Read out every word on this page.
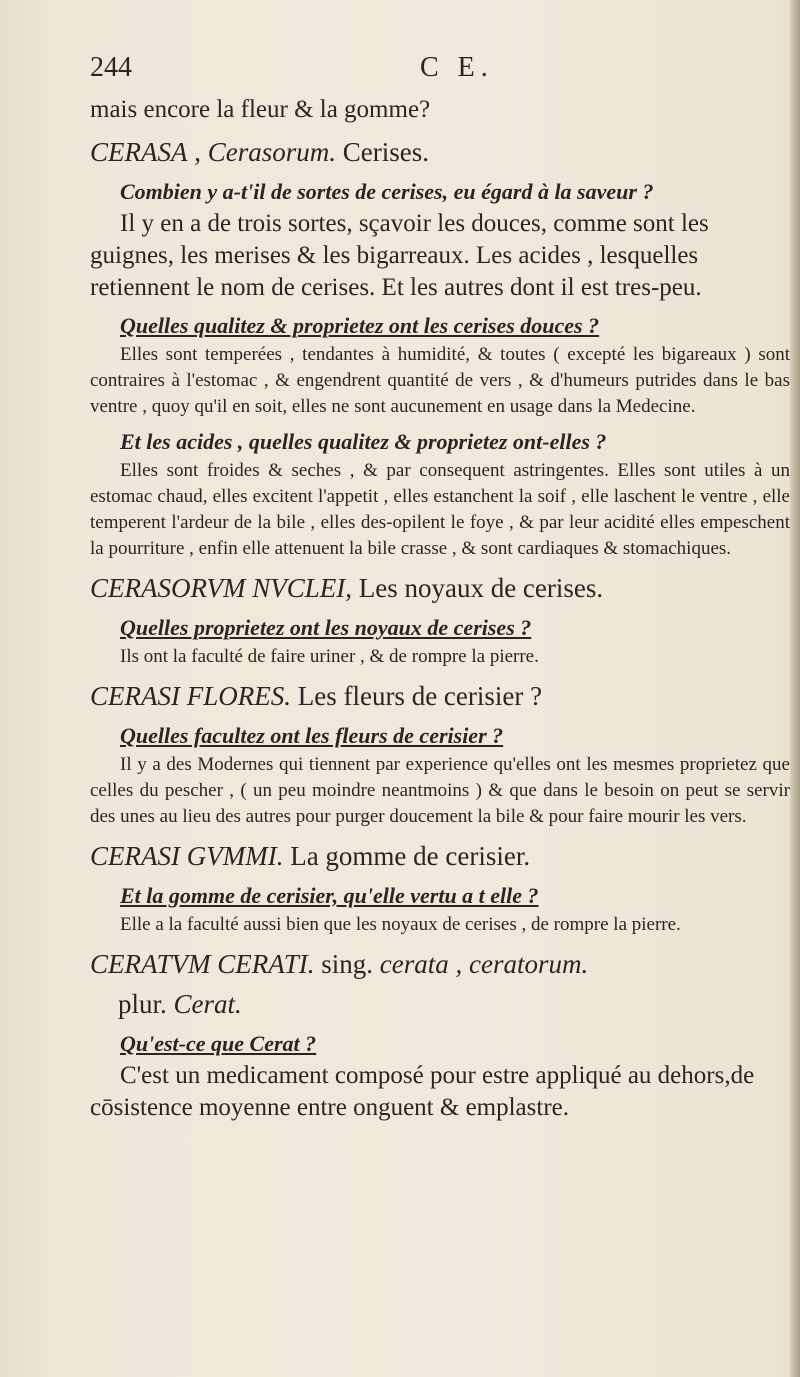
244	C E.

mais encore la fleur & la gomme?

CERASA , Cerasorum. Cerises.

Combien y a-t'il de sortes de cerises, eu égard à la saveur ?

Il y en a de trois sortes, sçavoir les douces, comme sont les guignes, les merises & les bigarreaux. Les acides , lesquelles retiennent le nom de cerises. Et les autres dont il est tres-peu.

Quelles qualitez & proprietez ont les cerises douces ?

Elles sont temperées , tendantes à humidité, & toutes ( excepté les bigareaux ) sont contraires à l'estomac , & engendrent quantité de vers , & d'humeurs putrides dans le bas ventre , quoy qu'il en soit, elles ne sont aucunement en usage dans la Medecine.

Et les acides , quelles qualitez & proprietez ont-elles ?

Elles sont froides & seches , & par consequent astringentes. Elles sont utiles à un estomac chaud, elles excitent l'appetit , elles estanchent la soif , elle laschent le ventre , elle temperent l'ardeur de la bile , elles des-opilent le foye , & par leur acidité elles empeschent la pourriture , enfin elle attenuent la bile crasse , & sont cardiaques & stomachiques.

CERASORVM NVCLEI, Les noyaux de cerises.

Quelles proprietez ont les noyaux de cerises ?

Ils ont la faculté de faire uriner , & de rompre la pierre.

CERASI FLORES. Les fleurs de cerisier ?

Quelles facultez ont les fleurs de cerisier ?

Il y a des Modernes qui tiennent par experience qu'elles ont les mesmes proprietez que celles du pescher , ( un peu moindre neantmoins ) & que dans le besoin on peut se servir des unes au lieu des autres pour purger doucement la bile & pour faire mourir les vers.

CERASI GVMMI. La gomme de cerisier.

Et la gomme de cerisier, qu'elle vertu a t elle ?

Elle a la faculté aussi bien que les noyaux de cerises , de rompre la pierre.

CERATVM CERATI. sing. cerata , ceratorum.
plur. Cerat.

Qu'est-ce que Cerat ?

C'est un medicament composé pour estre appliqué au dehors,de cōsistence moyenne entre onguent & emplastre.
